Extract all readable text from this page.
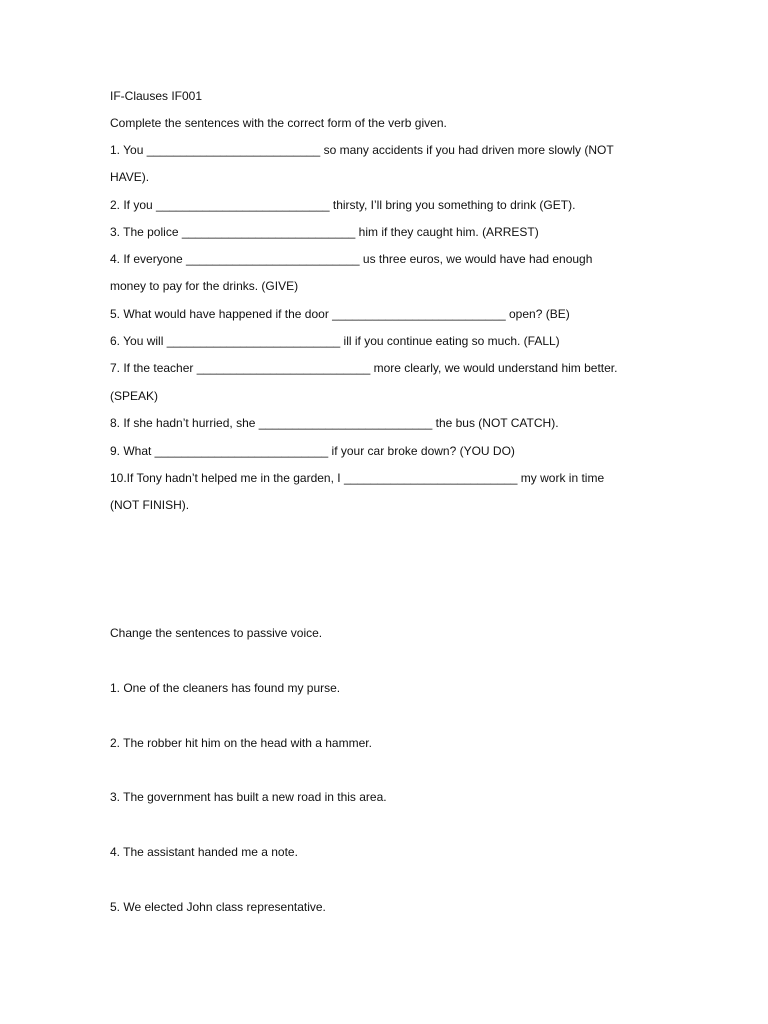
IF-Clauses IF001
Complete the sentences with the correct form of the verb given.
1. You __________________________ so many accidents if you had driven more slowly (NOT
HAVE).
2. If you __________________________ thirsty, I’ll bring you something to drink (GET).
3. The police __________________________ him if they caught him. (ARREST)
4. If everyone __________________________ us three euros, we would have had enough
money to pay for the drinks. (GIVE)
5. What would have happened if the door __________________________ open? (BE)
6. You will __________________________ ill if you continue eating so much. (FALL)
7. If the teacher __________________________ more clearly, we would understand him better.
(SPEAK)
8. If she hadn’t hurried, she __________________________ the bus (NOT CATCH).
9. What __________________________ if your car broke down? (YOU DO)
10.If Tony hadn’t helped me in the garden, I __________________________ my work in time
(NOT FINISH).
Change the sentences to passive voice.
1. One of the cleaners has found my purse.
2. The robber hit him on the head with a hammer.
3. The government has built a new road in this area.
4. The assistant handed me a note.
5. We elected John class representative.
